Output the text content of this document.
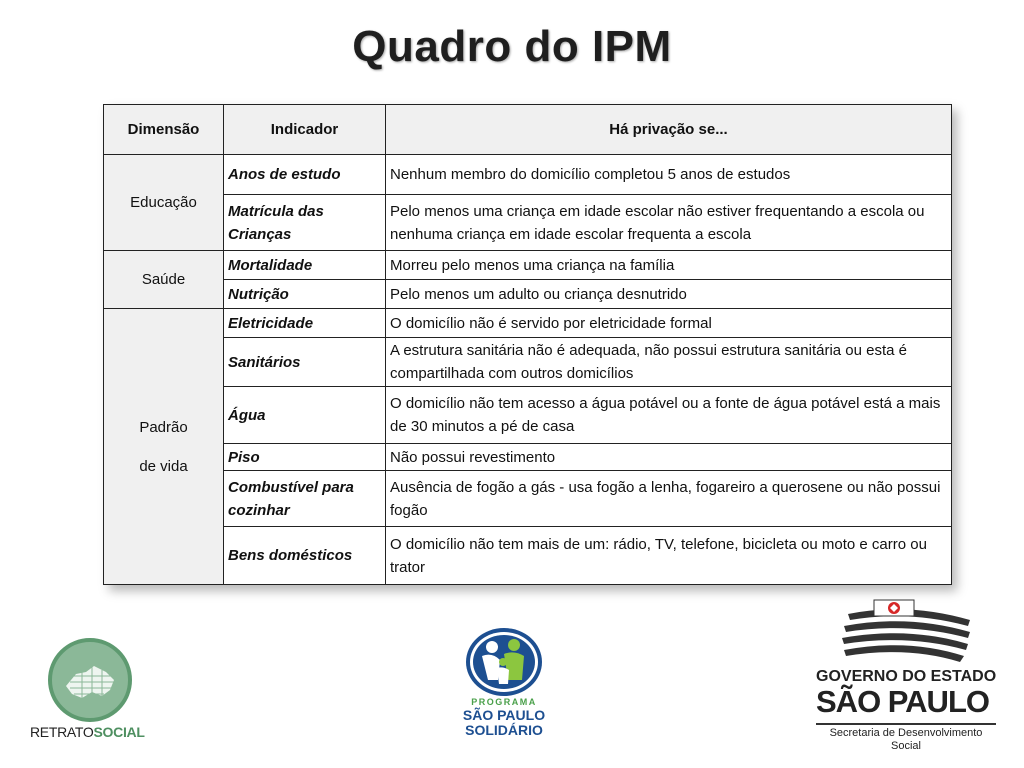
Quadro do IPM
Dimensão	Indicador	Há privação se...
Educação	Anos de estudo	Nenhum membro do domicílio completou 5 anos de estudos
	Matrícula das Crianças	Pelo menos uma criança em idade escolar não estiver frequentando a escola ou nenhuma criança em idade escolar frequenta a escola
Saúde	Mortalidade	Morreu pelo menos uma criança na família
	Nutrição	Pelo menos um adulto ou criança desnutrido

Padrão
de vida	Eletricidade	O domicílio não é servido por eletricidade formal
	Sanitários	A estrutura sanitária não é adequada, não possui estrutura sanitária ou esta é compartilhada com outros domicílios
	Água	O domicílio não tem acesso a água potável ou a fonte de água potável está a mais de 30 minutos a pé de casa
	Piso	Não possui revestimento
	Combustível para cozinhar	Ausência de fogão a gás - usa fogão a lenha, fogareiro a querosene ou não possui fogão
	Bens domésticos	O domicílio não tem mais de um: rádio, TV, telefone, bicicleta ou moto e carro ou trator
RETRATOSOCIAL
PROGRAMA
SÃO PAULO
SOLIDÁRIO
GOVERNO DO ESTADO
SÃO PAULO
Secretaria de Desenvolvimento Social
